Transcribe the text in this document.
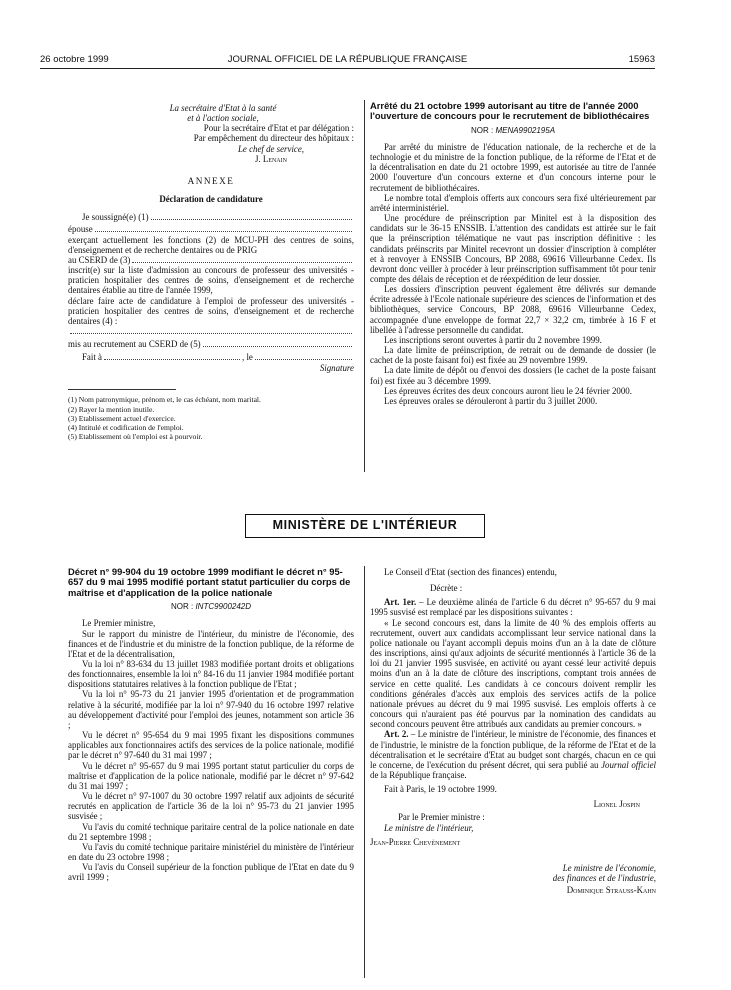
26 octobre 1999	JOURNAL OFFICIEL DE LA RÉPUBLIQUE FRANÇAISE	15963

La secrétaire d'Etat à la santé

et à l'action sociale,

Pour la secrétaire d'Etat et par délégation :

Par empêchement du directeur des hôpitaux :

Le chef de service,

J. Lenain

ANNEXE

Déclaration de candidature

Je soussigné(e) (1)
épouse

exerçant actuellement les fonctions (2) de MCU-PH des centres de soins, d'enseignement et de recherche dentaires ou de PRIG

au CSERD de (3)

inscrit(e) sur la liste d'admission au concours de professeur des universités - praticien hospitalier des centres de soins, d'enseignement et de recherche dentaires établie au titre de l'année 1999,

déclare faire acte de candidature à l'emploi de professeur des universités - praticien hospitalier des centres de soins, d'enseignement et de recherche dentaires (4) :

mis au recrutement au CSERD de (5)
Fait à	, le

Signature

(1) Nom patronymique, prénom et, le cas échéant, nom marital.

(2) Rayer la mention inutile.

(3) Etablissement actuel d'exercice.

(4) Intitulé et codification de l'emploi.

(5) Etablissement où l'emploi est à pourvoir.

Arrêté du 21 octobre 1999 autorisant au titre de l'année 2000 l'ouverture de concours pour le recrutement de bibliothécaires

NOR : MENA9902195A

Par arrêté du ministre de l'éducation nationale, de la recherche et de la technologie et du ministre de la fonction publique, de la réforme de l'Etat et de la décentralisation en date du 21 octobre 1999, est autorisée au titre de l'année 2000 l'ouverture d'un concours externe et d'un concours interne pour le recrutement de bibliothécaires.

Le nombre total d'emplois offerts aux concours sera fixé ultérieurement par arrêté interministériel.

Une procédure de préinscription par Minitel est à la disposition des candidats sur le 36-15 ENSSIB. L'attention des candidats est attirée sur le fait que la préinscription télématique ne vaut pas inscription définitive : les candidats préinscrits par Minitel recevront un dossier d'inscription à compléter et à renvoyer à ENSSIB Concours, BP 2088, 69616 Villeurbanne Cedex. Ils devront donc veiller à procéder à leur préinscription suffisamment tôt pour tenir compte des délais de réception et de réexpédition de leur dossier.

Les dossiers d'inscription peuvent également être délivrés sur demande écrite adressée à l'Ecole nationale supérieure des sciences de l'information et des bibliothèques, service Concours, BP 2088, 69616 Villeurbanne Cedex, accompagnée d'une enveloppe de format 22,7 × 32,2 cm, timbrée à 16 F et libellée à l'adresse personnelle du candidat.

Les inscriptions seront ouvertes à partir du 2 novembre 1999.

La date limite de préinscription, de retrait ou de demande de dossier (le cachet de la poste faisant foi) est fixée au 29 novembre 1999.

La date limite de dépôt ou d'envoi des dossiers (le cachet de la poste faisant foi) est fixée au 3 décembre 1999.

Les épreuves écrites des deux concours auront lieu le 24 février 2000.

Les épreuves orales se dérouleront à partir du 3 juillet 2000.

MINISTÈRE DE L'INTÉRIEUR

Décret n° 99-904 du 19 octobre 1999 modifiant le décret n° 95-657 du 9 mai 1995 modifié portant statut particulier du corps de maîtrise et d'application de la police nationale

NOR : INTC9900242D

Le Premier ministre,

Sur le rapport du ministre de l'intérieur, du ministre de l'économie, des finances et de l'industrie et du ministre de la fonction publique, de la réforme de l'Etat et de la décentralisation,

Vu la loi n° 83-634 du 13 juillet 1983 modifiée portant droits et obligations des fonctionnaires, ensemble la loi n° 84-16 du 11 janvier 1984 modifiée portant dispositions statutaires relatives à la fonction publique de l'Etat ;

Vu la loi n° 95-73 du 21 janvier 1995 d'orientation et de programmation relative à la sécurité, modifiée par la loi n° 97-940 du 16 octobre 1997 relative au développement d'activité pour l'emploi des jeunes, notamment son article 36 ;

Vu le décret n° 95-654 du 9 mai 1995 fixant les dispositions communes applicables aux fonctionnaires actifs des services de la police nationale, modifié par le décret n° 97-640 du 31 mai 1997 ;

Vu le décret n° 95-657 du 9 mai 1995 portant statut particulier du corps de maîtrise et d'application de la police nationale, modifié par le décret n° 97-642 du 31 mai 1997 ;

Vu le décret n° 97-1007 du 30 octobre 1997 relatif aux adjoints de sécurité recrutés en application de l'article 36 de la loi n° 95-73 du 21 janvier 1995 susvisée ;

Vu l'avis du comité technique paritaire central de la police nationale en date du 21 septembre 1998 ;

Vu l'avis du comité technique paritaire ministériel du ministère de l'intérieur en date du 23 octobre 1998 ;

Vu l'avis du Conseil supérieur de la fonction publique de l'Etat en date du 9 avril 1999 ;

Le Conseil d'Etat (section des finances) entendu,

Décrète :

Art. 1er. – Le deuxième alinéa de l'article 6 du décret n° 95-657 du 9 mai 1995 susvisé est remplacé par les dispositions suivantes :

« Le second concours est, dans la limite de 40 % des emplois offerts au recrutement, ouvert aux candidats accomplissant leur service national dans la police nationale ou l'ayant accompli depuis moins d'un an à la date de clôture des inscriptions, ainsi qu'aux adjoints de sécurité mentionnés à l'article 36 de la loi du 21 janvier 1995 susvisée, en activité ou ayant cessé leur activité depuis moins d'un an à la date de clôture des inscriptions, comptant trois années de service en cette qualité. Les candidats à ce concours doivent remplir les conditions générales d'accès aux emplois des services actifs de la police nationale prévues au décret du 9 mai 1995 susvisé. Les emplois offerts à ce concours qui n'auraient pas été pourvus par la nomination des candidats au second concours peuvent être attribués aux candidats au premier concours. »

Art. 2. – Le ministre de l'intérieur, le ministre de l'économie, des finances et de l'industrie, le ministre de la fonction publique, de la réforme de l'Etat et de la décentralisation et le secrétaire d'Etat au budget sont chargés, chacun en ce qui le concerne, de l'exécution du présent décret, qui sera publié au Journal officiel de la République française.

Fait à Paris, le 19 octobre 1999.

Lionel Jospin

Par le Premier ministre :

Le ministre de l'intérieur,

Jean-Pierre Chevènement

Le ministre de l'économie,

des finances et de l'industrie,

Dominique Strauss-Kahn
